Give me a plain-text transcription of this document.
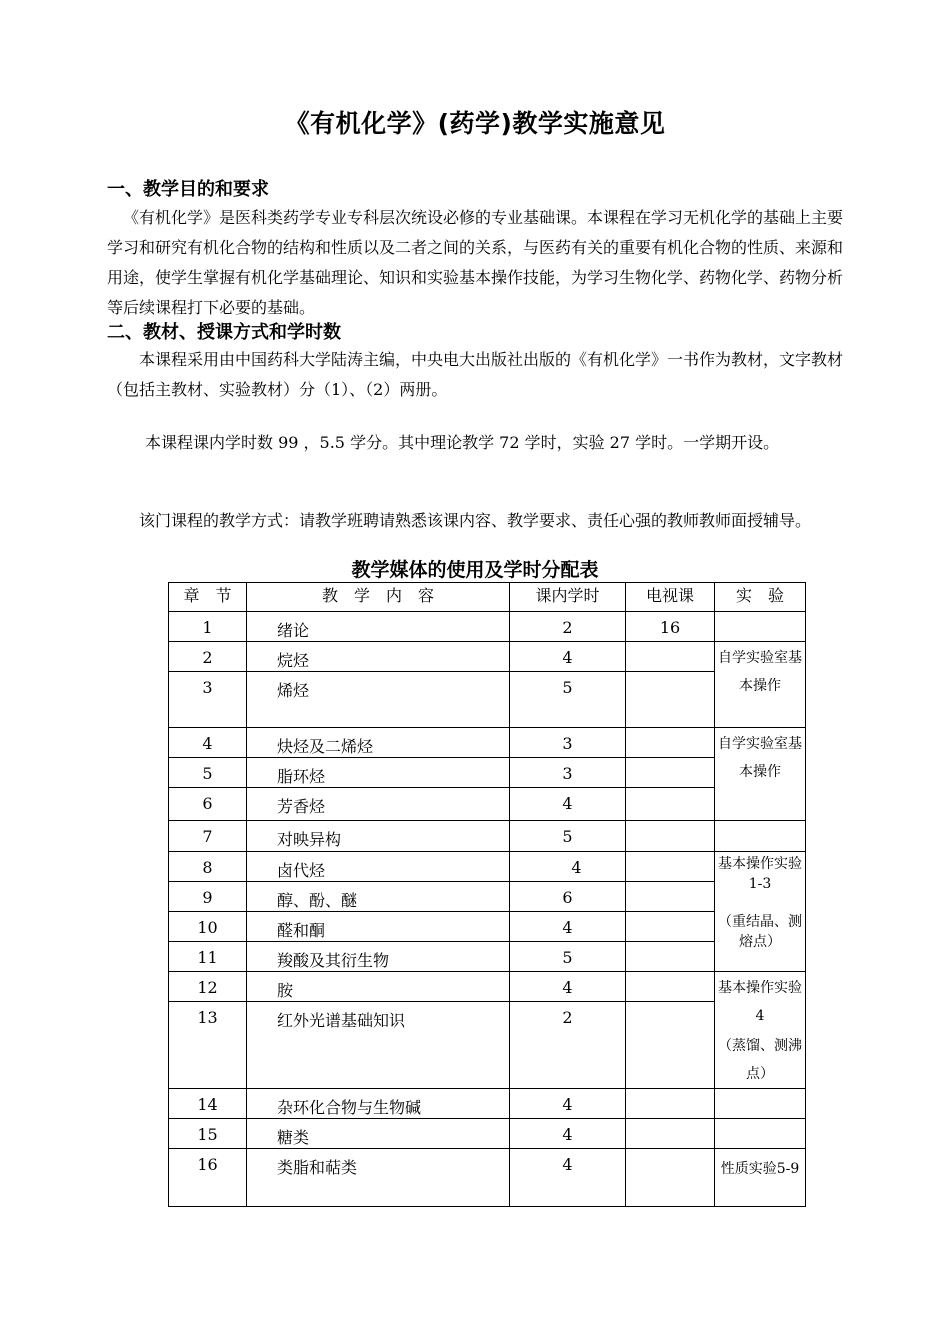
《有机化学》(药学)教学实施意见
一、教学目的和要求
《有机化学》是医科类药学专业专科层次统设必修的专业基础课。本课程在学习无机化学的基础上主要学习和研究有机化合物的结构和性质以及二者之间的关系，与医药有关的重要有机化合物的性质、来源和用途，使学生掌握有机化学基础理论、知识和实验基本操作技能，为学习生物化学、药物化学、药物分析等后续课程打下必要的基础。
二、教材、授课方式和学时数
本课程采用由中国药科大学陆涛主编，中央电大出版社出版的《有机化学》一书作为教材，文字教材（包括主教材、实验教材）分（1）、（2）两册。
本课程课内学时数 99 ，5.5 学分。其中理论教学 72 学时，实验 27 学时。一学期开设。
该门课程的教学方式：请教学班聘请熟悉该课内容、教学要求、责任心强的教师教师面授辅导。
教学媒体的使用及学时分配表
章　节	教　学　内　容	课内学时	电视课	实　验

1	绪论	2	16	

2	烷烃	4		自学实验室基本操作

3	烯烃	5		

4	炔烃及二烯烃	3		自学实验室基本操作

5	脂环烃	3		

6	芳香烃	4		

7	对映异构	5		

8	卤代烃	4		基本操作实验 1-3
（重结晶、测熔点）

9	醇、酚、醚	6		

10	醛和酮	4		

11	羧酸及其衍生物	5		

12	胺	4		基本操作实验 4
（蒸馏、测沸点）

13	红外光谱基础知识	2		

14	杂环化合物与生物碱	4		

15	糖类	4		

16	类脂和萜类	4		性质实验5-9
